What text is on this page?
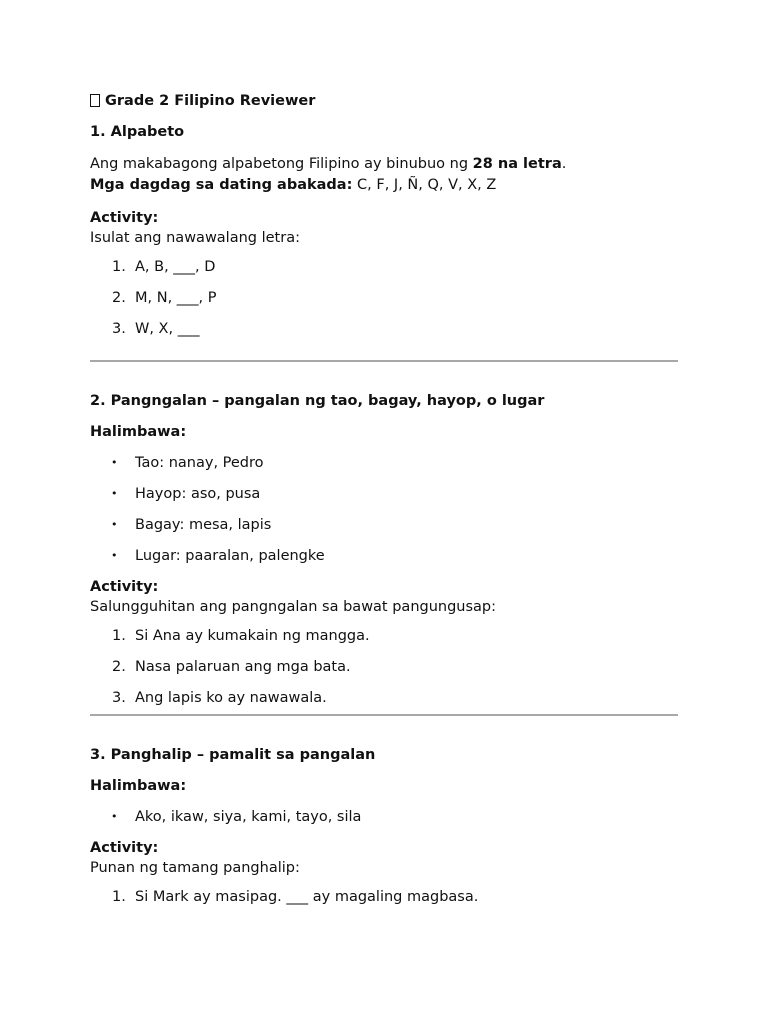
Grade 2 Filipino Reviewer
1. Alpabeto
Ang makabagong alpabetong Filipino ay binubuo ng 28 na letra.
Mga dagdag sa dating abakada: C, F, J, Ñ, Q, V, X, Z
Activity:
Isulat ang nawawalang letra:
1. A, B, ___, D
2. M, N, ___, P
3. W, X, ___
2. Pangngalan – pangalan ng tao, bagay, hayop, o lugar
Halimbawa:
• Tao: nanay, Pedro
• Hayop: aso, pusa
• Bagay: mesa, lapis
• Lugar: paaralan, palengke
Activity:
Salungguhitan ang pangngalan sa bawat pangungusap:
1. Si Ana ay kumakain ng mangga.
2. Nasa palaruan ang mga bata.
3. Ang lapis ko ay nawawala.
3. Panghalip – pamalit sa pangalan
Halimbawa:
• Ako, ikaw, siya, kami, tayo, sila
Activity:
Punan ng tamang panghalip:
1. Si Mark ay masipag. ___ ay magaling magbasa.
